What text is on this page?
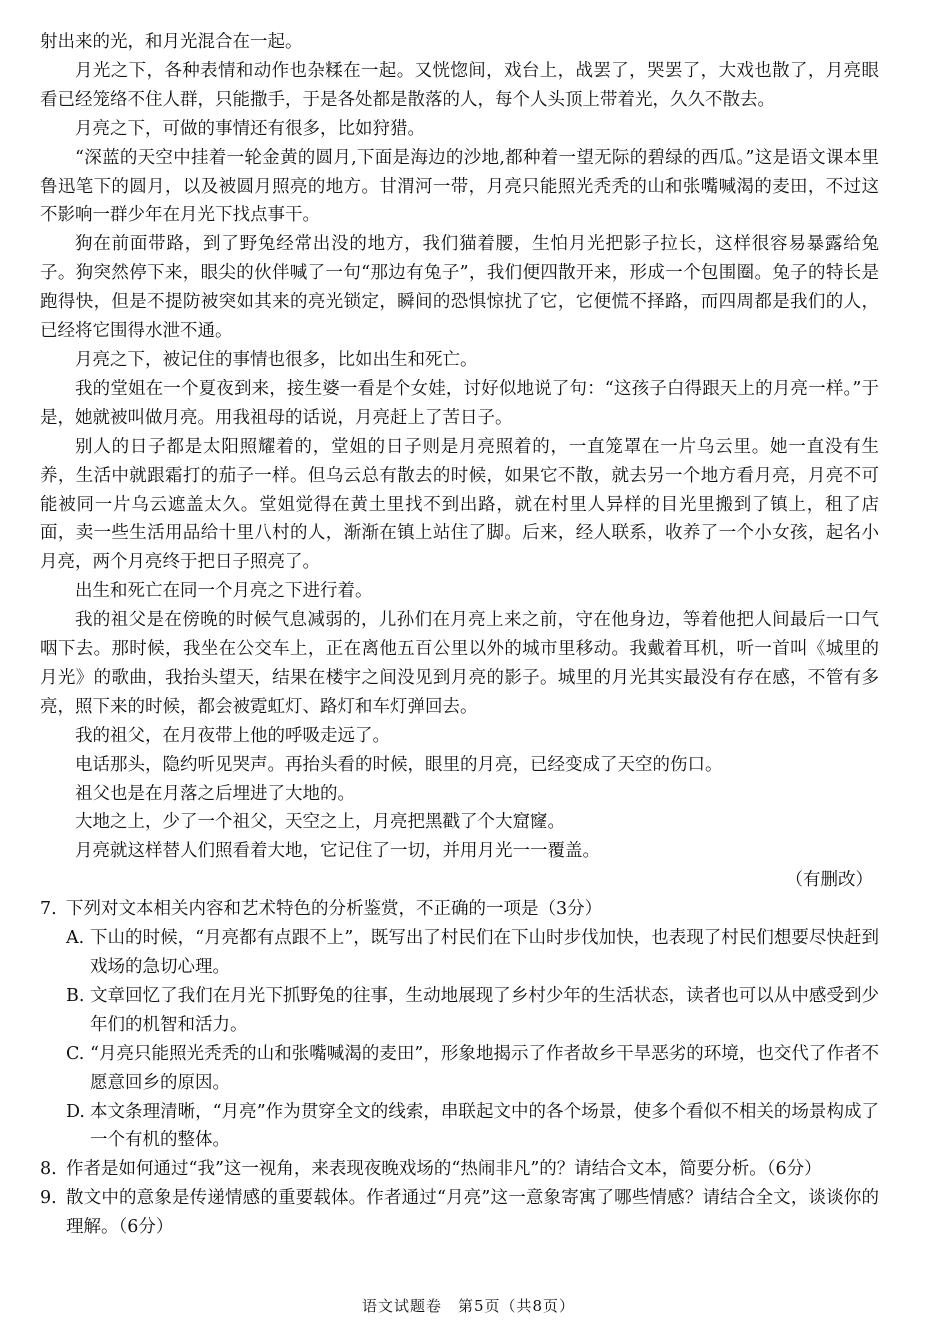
射出来的光，和月光混合在一起。

月光之下，各种表情和动作也杂糅在一起。又恍惚间，戏台上，战罢了，哭罢了，大戏也散了，月亮眼看已经笼络不住人群，只能撒手，于是各处都是散落的人，每个人头顶上带着光，久久不散去。

月亮之下，可做的事情还有很多，比如狩猎。

“深蓝的天空中挂着一轮金黄的圆月,下面是海边的沙地,都种着一望无际的碧绿的西瓜。”这是语文课本里鲁迅笔下的圆月，以及被圆月照亮的地方。甘渭河一带，月亮只能照光秃秃的山和张嘴喊渴的麦田，不过这不影响一群少年在月光下找点事干。

狗在前面带路，到了野兔经常出没的地方，我们猫着腰，生怕月光把影子拉长，这样很容易暴露给兔子。狗突然停下来，眼尖的伙伴喊了一句“那边有兔子”，我们便四散开来，形成一个包围圈。兔子的特长是跑得快，但是不提防被突如其来的亮光锁定，瞬间的恐惧惊扰了它，它便慌不择路，而四周都是我们的人，已经将它围得水泄不通。

月亮之下，被记住的事情也很多，比如出生和死亡。

我的堂姐在一个夏夜到来，接生婆一看是个女娃，讨好似地说了句：“这孩子白得跟天上的月亮一样。”于是，她就被叫做月亮。用我祖母的话说，月亮赶上了苦日子。

别人的日子都是太阳照耀着的，堂姐的日子则是月亮照着的，一直笼罩在一片乌云里。她一直没有生养，生活中就跟霜打的茄子一样。但乌云总有散去的时候，如果它不散，就去另一个地方看月亮，月亮不可能被同一片乌云遮盖太久。堂姐觉得在黄土里找不到出路，就在村里人异样的目光里搬到了镇上，租了店面，卖一些生活用品给十里八村的人，渐渐在镇上站住了脚。后来，经人联系，收养了一个小女孩，起名小月亮，两个月亮终于把日子照亮了。

出生和死亡在同一个月亮之下进行着。

我的祖父是在傍晚的时候气息减弱的，儿孙们在月亮上来之前，守在他身边，等着他把人间最后一口气咽下去。那时候，我坐在公交车上，正在离他五百公里以外的城市里移动。我戴着耳机，听一首叫《城里的月光》的歌曲，我抬头望天，结果在楼宇之间没见到月亮的影子。城里的月光其实最没有存在感，不管有多亮，照下来的时候，都会被霓虹灯、路灯和车灯弹回去。

我的祖父，在月夜带上他的呼吸走远了。

电话那头，隐约听见哭声。再抬头看的时候，眼里的月亮，已经变成了天空的伤口。

祖父也是在月落之后埋进了大地的。

大地之上，少了一个祖父，天空之上，月亮把黑戳了个大窟窿。

月亮就这样替人们照看着大地，它记住了一切，并用月光一一覆盖。

（有删改）

7. 下列对文本相关内容和艺术特色的分析鉴赏，不正确的一项是（3分）
A. 下山的时候，“月亮都有点跟不上”，既写出了村民们在下山时步伐加快，也表现了村民们想要尽快赶到戏场的急切心理。
B. 文章回忆了我们在月光下抓野兔的往事，生动地展现了乡村少年的生活状态，读者也可以从中感受到少年们的机智和活力。
C. “月亮只能照光秃秃的山和张嘴喊渴的麦田”，形象地揭示了作者故乡干旱恶劣的环境，也交代了作者不愿意回乡的原因。
D. 本文条理清晰，“月亮”作为贯穿全文的线索，串联起文中的各个场景，使多个看似不相关的场景构成了一个有机的整体。
8. 作者是如何通过“我”这一视角，来表现夜晚戏场的“热闹非凡”的？请结合文本，简要分析。（6分）
9. 散文中的意象是传递情感的重要载体。作者通过“月亮”这一意象寄寓了哪些情感？请结合全文，谈谈你的理解。（6分）
语文试题卷　第5页（共8页）
